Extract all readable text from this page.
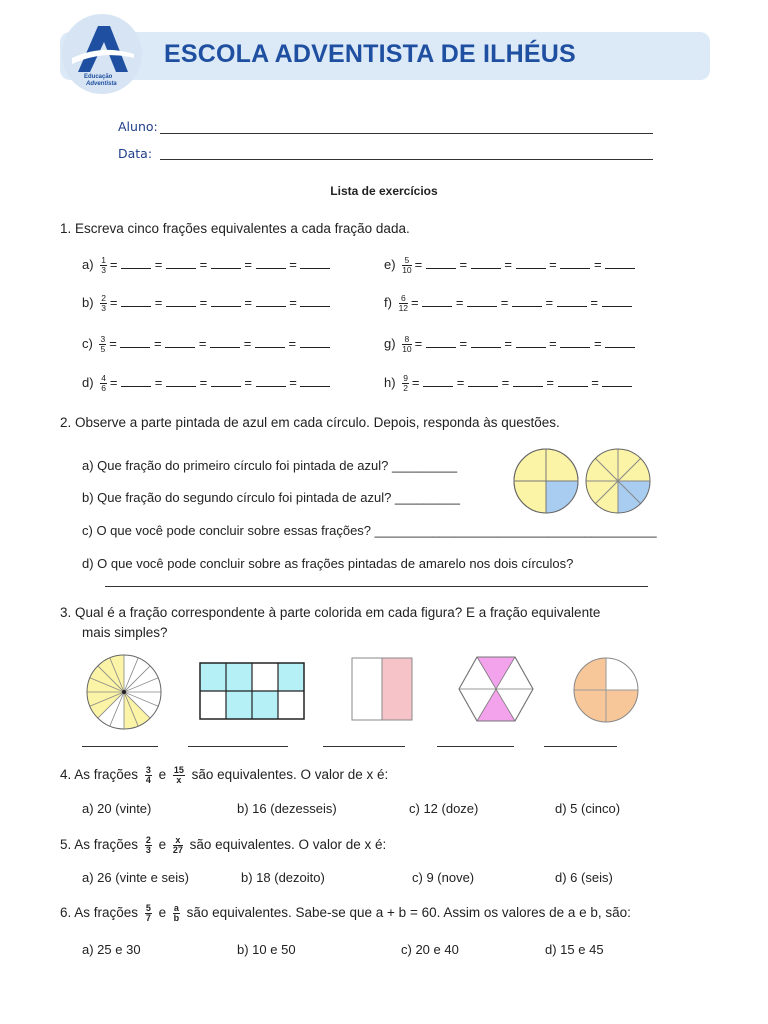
Educação
Adventista
ESCOLA ADVENTISTA DE ILHÉUS
Aluno:
Data:
Lista de exercícios
1. Escreva cinco frações equivalentes a cada fração dada.
$a) \frac{1}{3}$ =  =  =  =  =
$b) \frac{2}{3}$ =  =  =  =  =
$c) \frac{3}{5}$ =  =  =  =  =
$d) \frac{4}{6}$ =  =  =  =  =
$e) \frac{5}{10}$ =  =  =  =  =
$f) \frac{6}{12}$ =  =  =  =  =
$g) \frac{8}{10}$ =  =  =  =  =
$h) \frac{9}{2}$ =  =  =  =  =
2. Observe a parte pintada de azul em cada círculo. Depois, responda às questões.
a) Que fração do primeiro círculo foi pintada de azul? _________
b) Que fração do segundo círculo foi pintada de azul? _________
c) O que você pode concluir sobre essas frações? _______________________________________
d) O que você pode concluir sobre as frações pintadas de amarelo nos dois círculos?
3. Qual é a fração correspondente à parte colorida em cada figura? E a fração equivalente
mais simples?
4. As frações $\frac{3}{4}$ e $\frac{15}{x}$ são equivalentes. O valor de x é:
a) 20 (vinte)	b) 16 (dezesseis)	c) 12 (doze)	d) 5 (cinco)
5. As frações $\frac{2}{3}$ e $\frac{x}{27}$ são equivalentes. O valor de x é:
a) 26 (vinte e seis)	b) 18 (dezoito)	c) 9 (nove)	d) 6 (seis)
6. As frações $\frac{5}{7}$ e $\frac{a}{b}$ são equivalentes. Sabe-se que a + b = 60. Assim os valores de a e b, são:
a) 25 e 30	b) 10 e 50	c) 20 e 40	d) 15 e 45
